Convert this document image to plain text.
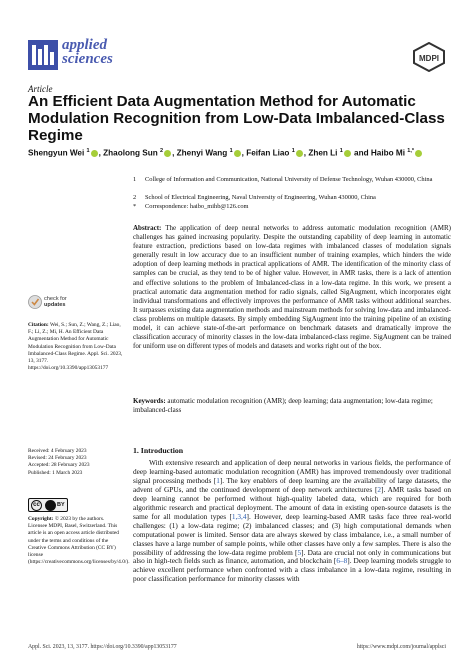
applied
sciences	MDPI
Article
An Efficient Data Augmentation Method for Automatic Modulation Recognition from Low-Data Imbalanced-Class Regime
Shengyun Wei $^1$ , Zhaolong Sun $^2$ , Zhenyi Wang $^1$ , Feifan Liao $^1$ , Zhen Li $^1$ and Haibo Mi $^{1,*}$
1	College of Information and Communication, National University of Defense Technology, Wuhan 430000, China
2	School of Electrical Engineering, Naval University of Engineering, Wuhan 430000, China
*	Correspondence: haibo_mihb@126.com
Abstract: The application of deep neural networks to address automatic modulation recognition (AMR) challenges has gained increasing popularity. Despite the outstanding capability of deep learning in automatic feature extraction, predictions based on low-data regimes with imbalanced classes of modulation signals generally result in low accuracy due to an insufficient number of training examples, which hinders the wide adoption of deep learning methods in practical applications of AMR. The identification of the minority class of samples can be crucial, as they tend to be of higher value. However, in AMR tasks, there is a lack of attention and effective solutions to the problem of Imbalanced-class in a low-data regime. In this work, we present a practical automatic data augmentation method for radio signals, called SigAugment, which incorporates eight individual transformations and effectively improves the performance of AMR tasks without additional searches. It surpasses existing data augmentation methods and mainstream methods for solving low-data and imbalanced-class problems on multiple datasets. By simply embedding SigAugment into the training pipeline of an existing model, it can achieve state-of-the-art performance on benchmark datasets and dramatically improve the classification accuracy of minority classes in the low-data imbalanced-class regime. SigAugment can be trained for uniform use on different types of models and datasets and works right out of the box.
Keywords: automatic modulation recognition (AMR); deep learning; data augmentation; low-data regime; imbalanced-class
check for
updates
Citation: Wei, S.; Sun, Z.; Wang, Z.; Liao, F.; Li, Z.; Mi, H. An Efficient Data Augmentation Method for Automatic Modulation Recognition from Low-Data Imbalanced-Class Regime. Appl. Sci. 2023, 13, 3177. https://doi.org/10.3390/app13053177
Received: 4 February 2023
Revised: 24 February 2023
Accepted: 28 February 2023
Published: 1 March 2023
cc	BY
Copyright: © 2023 by the authors. Licensee MDPI, Basel, Switzerland. This article is an open access article distributed under the terms and conditions of the Creative Commons Attribution (CC BY) license (https://creativecommons.org/licenses/by/4.0/).
1. Introduction

With extensive research and application of deep neural networks in various fields, the performance of deep learning-based automatic modulation recognition (AMR) has improved tremendously over traditional signal processing methods [1]. The key enablers of deep learning are the availability of large datasets, the advent of GPUs, and the continued development of deep network architectures [2]. AMR tasks based on deep learning cannot be performed without high-quality labeled data, which are required for both algorithmic research and practical deployment. The amount of data in existing open-source datasets is the same for all modulation types [1,3,4]. However, deep learning-based AMR tasks face three real-world challenges: (1) a low-data regime; (2) imbalanced classes; and (3) high computational demands when computational power is limited. Sensor data are always skewed by class imbalance, i.e., a small number of classes have a large number of sample points, while other classes have only a few samples. There is also the possibility of addressing the low-data regime problem [5]. Data are crucial not only in communications but also in high-tech fields such as finance, automation, and blockchain [6–8]. Deep learning models struggle to achieve excellent performance when confronted with a class imbalance in a low-data regime, resulting in poor classification performance for minority classes with

Appl. Sci. 2023, 13, 3177. https://doi.org/10.3390/app13053177	https://www.mdpi.com/journal/applsci
